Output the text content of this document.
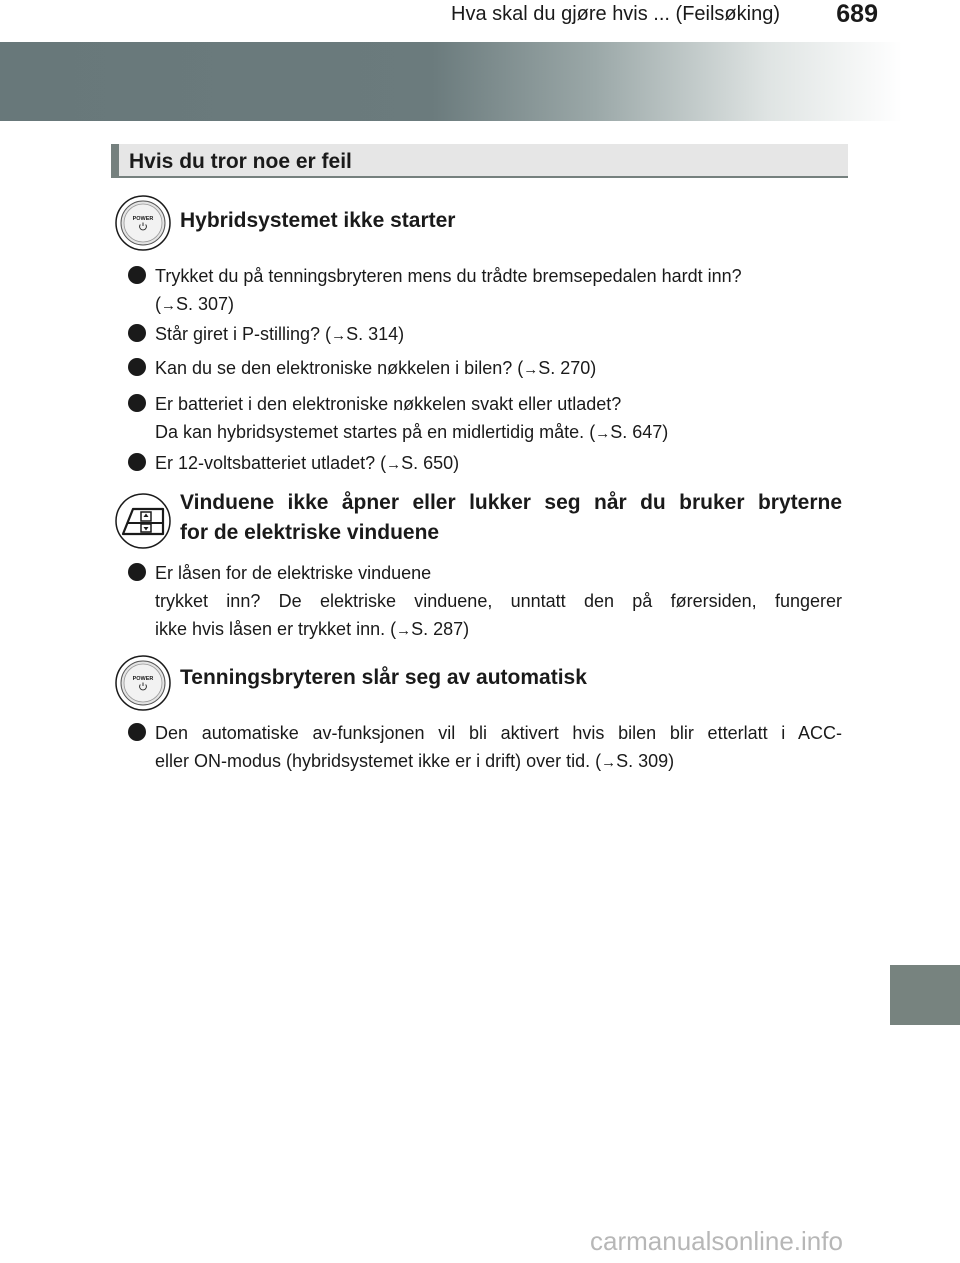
Hva skal du gjøre hvis ... (Feilsøking) 689
Hvis du tror noe er feil
POWER Hybridsystemet ikke starter
Trykket du på tenningsbryteren mens du trådte bremsepedalen hardt inn?
(→S. 307)
Står giret i P-stilling? (→S. 314)
Kan du se den elektroniske nøkkelen i bilen? (→S. 270)
Er batteriet i den elektroniske nøkkelen svakt eller utladet?
Da kan hybridsystemet startes på en midlertidig måte. (→S. 647)
Er 12-voltsbatteriet utladet? (→S. 650)
Vinduene ikke åpner eller lukker seg når du bruker bryterne
for de elektriske vinduene
Er låsen for de elektriske vinduene

trykket inn? De elektriske vinduene, unntatt den på førersiden, fungerer
ikke hvis låsen er trykket inn. (→S. 287)
POWER Tenningsbryteren slår seg av automatisk
Den automatiske av-funksjonen vil bli aktivert hvis bilen blir etterlatt i ACC-
eller ON-modus (hybridsystemet ikke er i drift) over tid. (→S. 309)
carmanualsonline.info
